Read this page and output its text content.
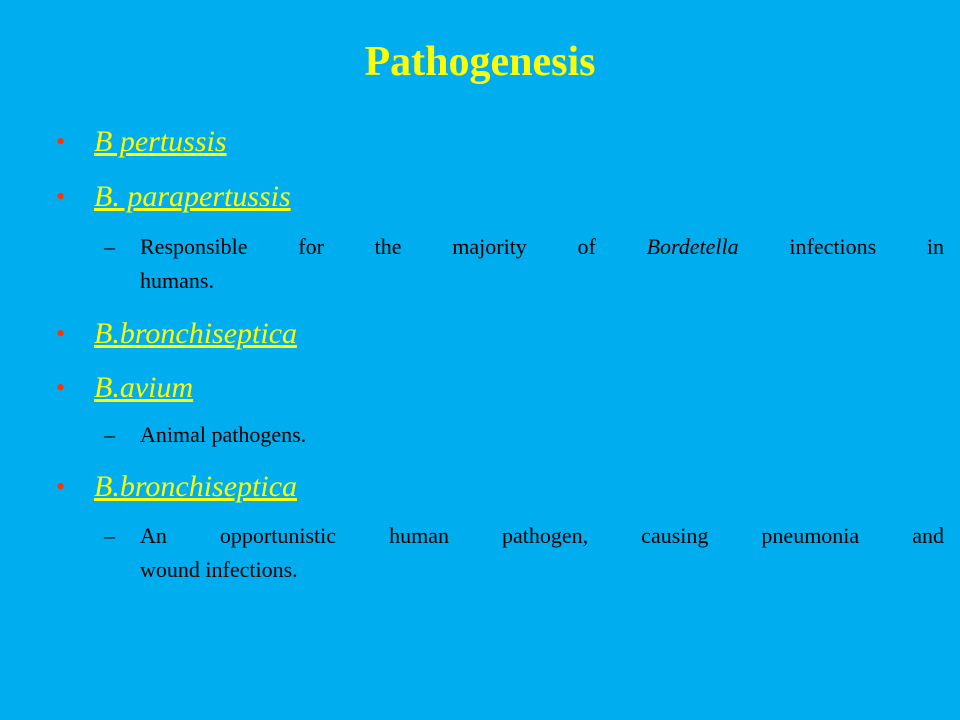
Pathogenesis
• B pertussis
• B. parapertussis
– Responsible for the majority of Bordetella infections in
humans.
• B.bronchiseptica
• B.avium
– Animal pathogens.
• B.bronchiseptica
– An opportunistic human pathogen, causing pneumonia and
wound infections.
